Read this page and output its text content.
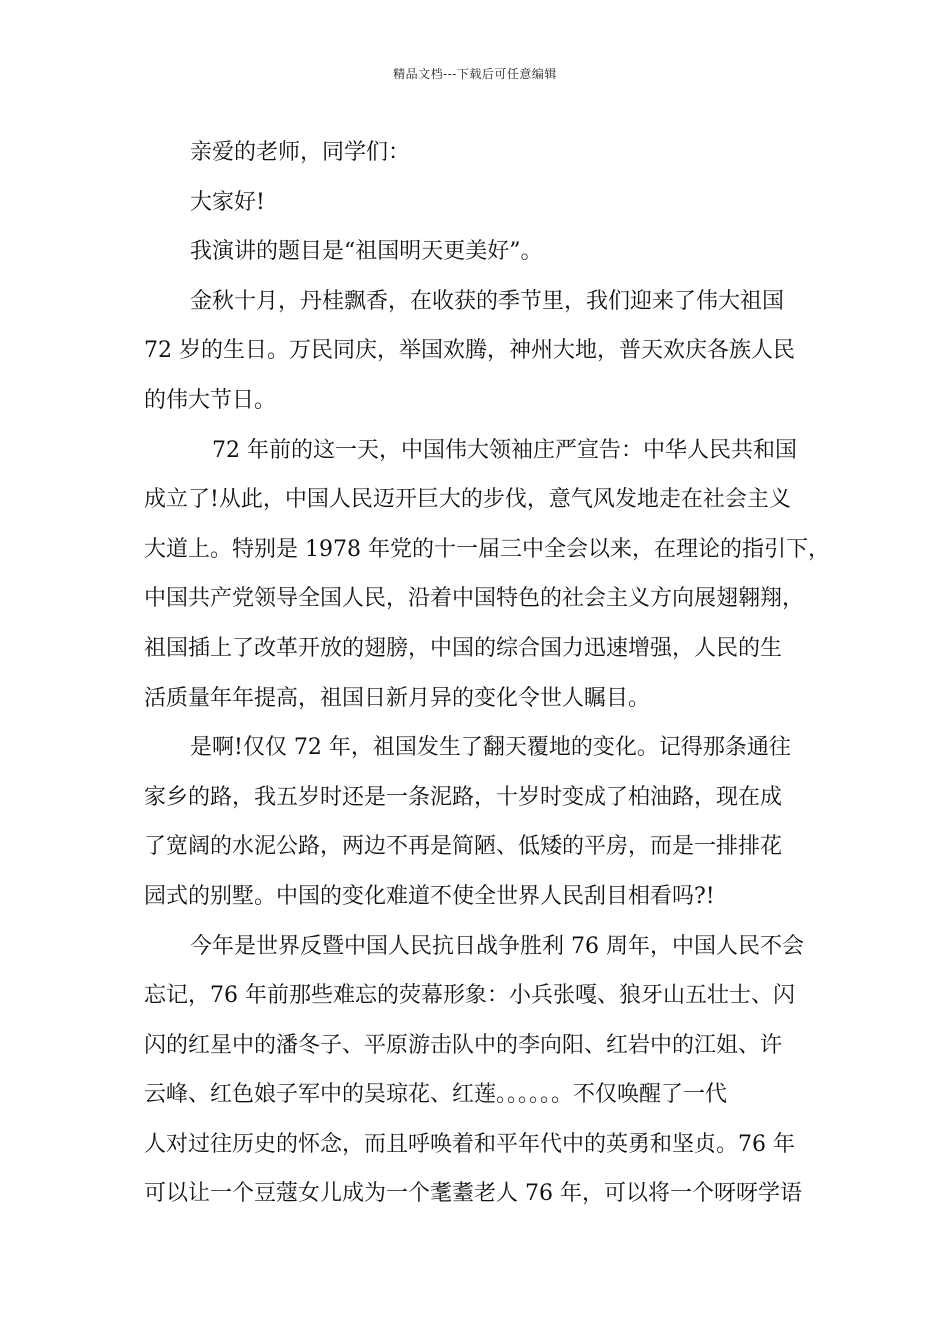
精品文档---下载后可任意编辑
亲爱的老师，同学们：
大家好!
我演讲的题目是“祖国明天更美好”。
金秋十月，丹桂飘香，在收获的季节里，我们迎来了伟大祖国
72 岁的生日。万民同庆，举国欢腾，神州大地，普天欢庆各族人民
的伟大节日。
72 年前的这一天，中国伟大领袖庄严宣告：中华人民共和国
成立了!从此，中国人民迈开巨大的步伐，意气风发地走在社会主义
大道上。特别是 1978 年党的十一届三中全会以来，在理论的指引下，
中国共产党领导全国人民，沿着中国特色的社会主义方向展翅翱翔，
祖国插上了改革开放的翅膀，中国的综合国力迅速增强，人民的生
活质量年年提高，祖国日新月异的变化令世人瞩目。
是啊!仅仅 72 年，祖国发生了翻天覆地的变化。记得那条通往
家乡的路，我五岁时还是一条泥路，十岁时变成了柏油路，现在成
了宽阔的水泥公路，两边不再是简陋、低矮的平房，而是一排排花
园式的别墅。中国的变化难道不使全世界人民刮目相看吗?!
今年是世界反暨中国人民抗日战争胜利 76 周年，中国人民不会
忘记，76 年前那些难忘的荧幕形象：小兵张嘎、狼牙山五壮士、闪
闪的红星中的潘冬子、平原游击队中的李向阳、红岩中的江姐、许
云峰、红色娘子军中的吴琼花、红莲。。。。。。不仅唤醒了一代
人对过往历史的怀念，而且呼唤着和平年代中的英勇和坚贞。76 年
可以让一个豆蔻女儿成为一个耄耋老人 76 年，可以将一个呀呀学语
